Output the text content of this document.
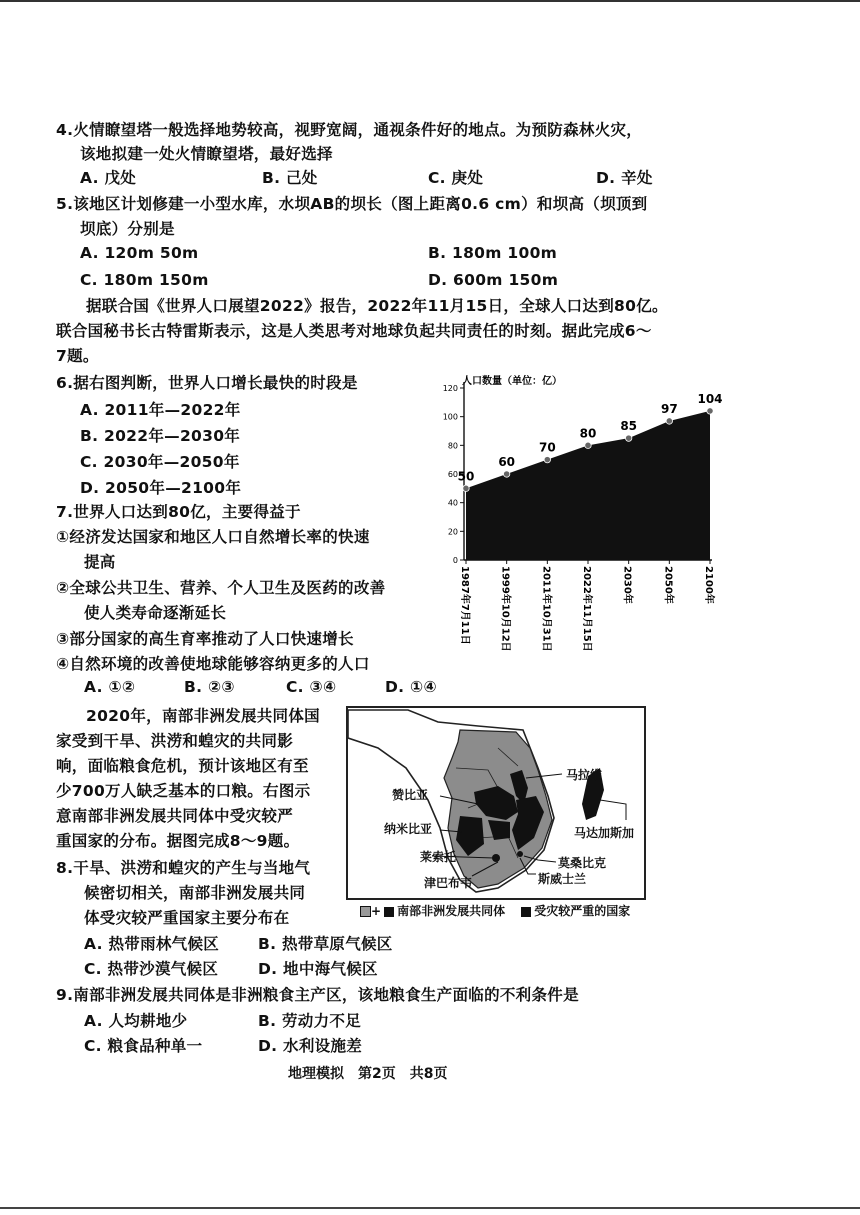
4.火情瞭望塔一般选择地势较高，视野宽阔，通视条件好的地点。为预防森林火灾，
该地拟建一处火情瞭望塔，最好选择
A. 戊处	B. 己处	C. 庚处	D. 辛处
5.该地区计划修建一小型水库，水坝AB的坝长（图上距离0.6 cm）和坝高（坝顶到
坝底）分别是
A. 120m 50m	B. 180m 100m
C. 180m 150m	D. 600m 150m
据联合国《世界人口展望2022》报告，2022年11月15日，全球人口达到80亿。
联合国秘书长古特雷斯表示，这是人类思考对地球负起共同责任的时刻。据此完成6～
7题。
6.据右图判断，世界人口增长最快的时段是
A. 2011年—2022年
B. 2022年—2030年
C. 2030年—2050年
D. 2050年—2100年
7.世界人口达到80亿，主要得益于
①经济发达国家和地区人口自然增长率的快速
提高
②全球公共卫生、营养、个人卫生及医药的改善
使人类寿命逐渐延长
③部分国家的高生育率推动了人口快速增长
④自然环境的改善使地球能够容纳更多的人口
A. ①②	B. ②③	C. ③④	D. ①④
0
20
40
60
80
100
120
50
1987年7月11日
60
1999年10月12日
70
2011年10月31日
80
2022年11月15日
85
2030年
97
2050年
104
2100年
人口数量（单位：亿）
2020年，南部非洲发展共同体国
家受到干旱、洪涝和蝗灾的共同影
响，面临粮食危机，预计该地区有至
少700万人缺乏基本的口粮。右图示
意南部非洲发展共同体中受灾较严
重国家的分布。据图完成8～9题。
8.干旱、洪涝和蝗灾的产生与当地气
候密切相关，南部非洲发展共同
体受灾较严重国家主要分布在
A. 热带雨林气候区	B. 热带草原气候区
C. 热带沙漠气候区	D. 地中海气候区
马拉维
赞比亚
纳米比亚
莱索托
津巴布韦
莫桑比克
斯威士兰
马达加斯加
+ 南部非洲发展共同体 受灾较严重的国家
9.南部非洲发展共同体是非洲粮食主产区，该地粮食生产面临的不利条件是
A. 人均耕地少	B. 劳动力不足
C. 粮食品种单一	D. 水利设施差
地理模拟　第2页　共8页
